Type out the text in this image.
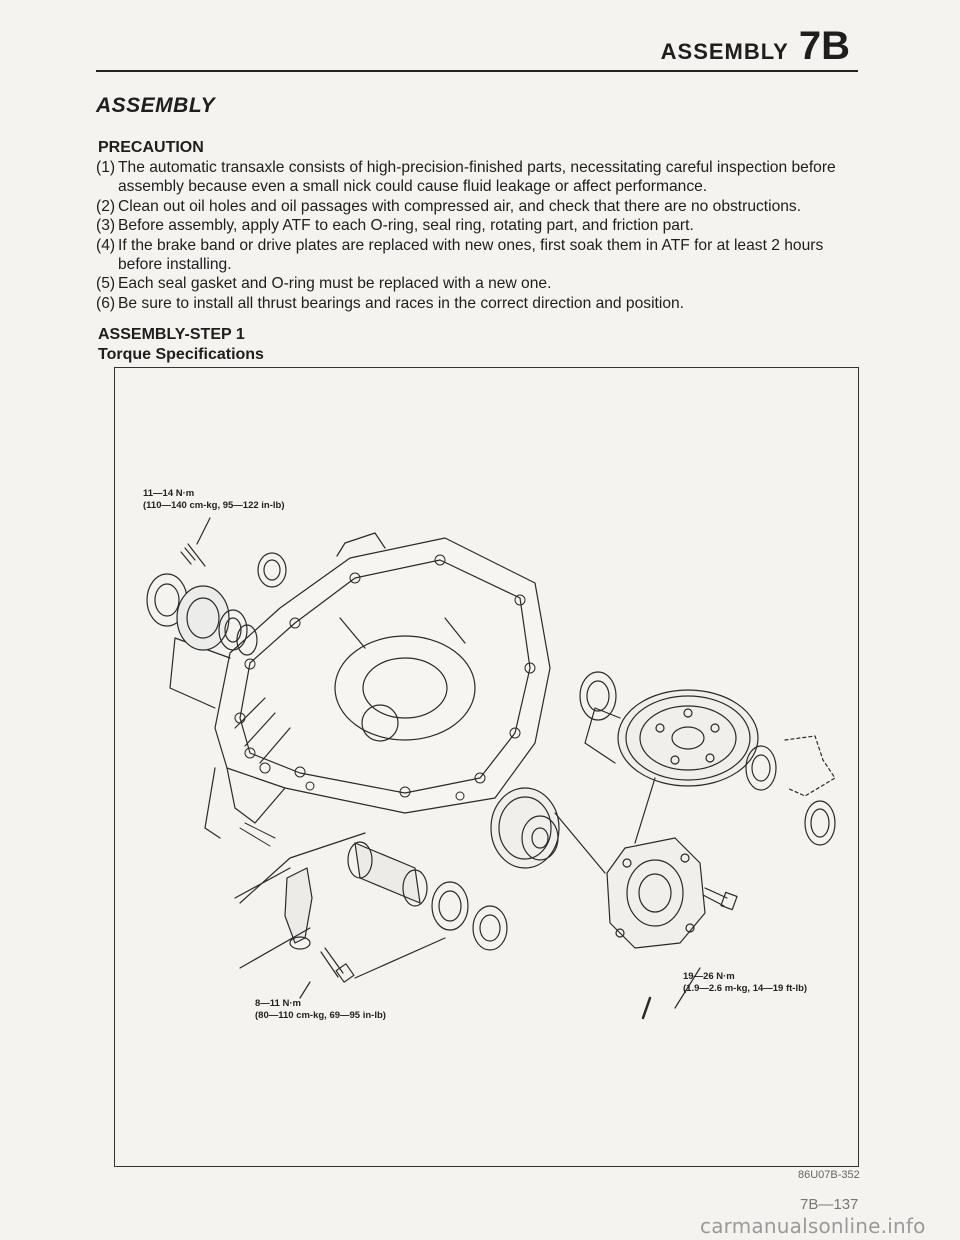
ASSEMBLY 7B
ASSEMBLY
PRECAUTION
(1) The automatic transaxle consists of high-precision-finished parts, necessitating careful inspection before assembly because even a small nick could cause fluid leakage or affect performance.
(2) Clean out oil holes and oil passages with compressed air, and check that there are no obstructions.
(3) Before assembly, apply ATF to each O-ring, seal ring, rotating part, and friction part.
(4) If the brake band or drive plates are replaced with new ones, first soak them in ATF for at least 2 hours before installing.
(5) Each seal gasket and O-ring must be replaced with a new one.
(6) Be sure to install all thrust bearings and races in the correct direction and position.
ASSEMBLY-STEP 1
Torque Specifications
11—14 N·m
(110—140 cm-kg, 95—122 in-lb)
8—11 N·m
(80—110 cm-kg, 69—95 in-lb)
19—26 N·m
(1.9—2.6 m-kg, 14—19 ft-lb)
86U07B-352
7B—137
carmanualsonline.info
